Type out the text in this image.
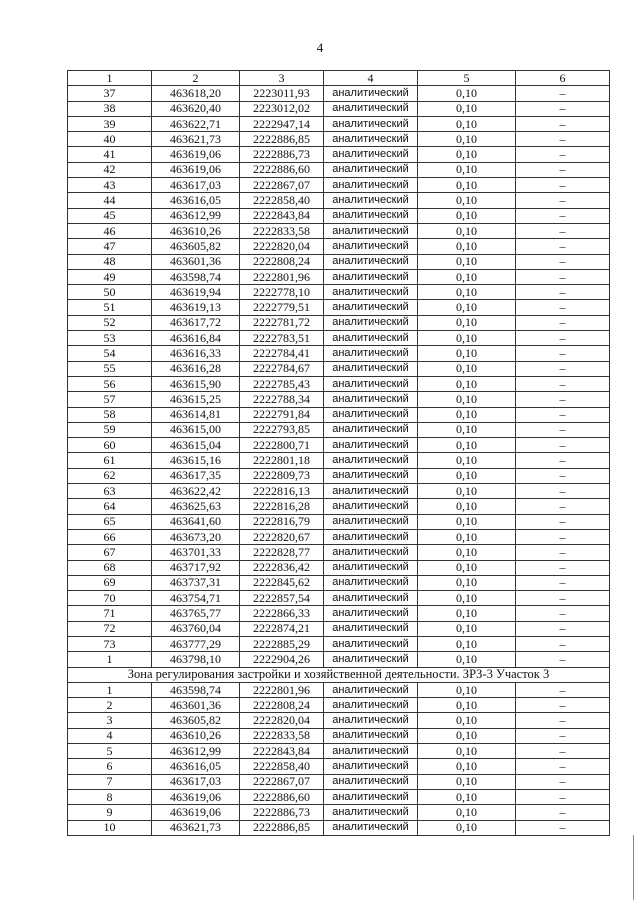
4
1	2	3	4	5	6
37	463618,20	2223011,93	аналитический	0,10	–
38	463620,40	2223012,02	аналитический	0,10	–
39	463622,71	2222947,14	аналитический	0,10	–
40	463621,73	2222886,85	аналитический	0,10	–
41	463619,06	2222886,73	аналитический	0,10	–
42	463619,06	2222886,60	аналитический	0,10	–
43	463617,03	2222867,07	аналитический	0,10	–
44	463616,05	2222858,40	аналитический	0,10	–
45	463612,99	2222843,84	аналитический	0,10	–
46	463610,26	2222833,58	аналитический	0,10	–
47	463605,82	2222820,04	аналитический	0,10	–
48	463601,36	2222808,24	аналитический	0,10	–
49	463598,74	2222801,96	аналитический	0,10	–
50	463619,94	2222778,10	аналитический	0,10	–
51	463619,13	2222779,51	аналитический	0,10	–
52	463617,72	2222781,72	аналитический	0,10	–
53	463616,84	2222783,51	аналитический	0,10	–
54	463616,33	2222784,41	аналитический	0,10	–
55	463616,28	2222784,67	аналитический	0,10	–
56	463615,90	2222785,43	аналитический	0,10	–
57	463615,25	2222788,34	аналитический	0,10	–
58	463614,81	2222791,84	аналитический	0,10	–
59	463615,00	2222793,85	аналитический	0,10	–
60	463615,04	2222800,71	аналитический	0,10	–
61	463615,16	2222801,18	аналитический	0,10	–
62	463617,35	2222809,73	аналитический	0,10	–
63	463622,42	2222816,13	аналитический	0,10	–
64	463625,63	2222816,28	аналитический	0,10	–
65	463641,60	2222816,79	аналитический	0,10	–
66	463673,20	2222820,67	аналитический	0,10	–
67	463701,33	2222828,77	аналитический	0,10	–
68	463717,92	2222836,42	аналитический	0,10	–
69	463737,31	2222845,62	аналитический	0,10	–
70	463754,71	2222857,54	аналитический	0,10	–
71	463765,77	2222866,33	аналитический	0,10	–
72	463760,04	2222874,21	аналитический	0,10	–
73	463777,29	2222885,29	аналитический	0,10	–
1	463798,10	2222904,26	аналитический	0,10	–
Зона регулирования застройки и хозяйственной деятельности. ЗРЗ-3 Участок 3					
1	463598,74	2222801,96	аналитический	0,10	–
2	463601,36	2222808,24	аналитический	0,10	–
3	463605,82	2222820,04	аналитический	0,10	–
4	463610,26	2222833,58	аналитический	0,10	–
5	463612,99	2222843,84	аналитический	0,10	–
6	463616,05	2222858,40	аналитический	0,10	–
7	463617,03	2222867,07	аналитический	0,10	–
8	463619,06	2222886,60	аналитический	0,10	–
9	463619,06	2222886,73	аналитический	0,10	–
10	463621,73	2222886,85	аналитический	0,10	–
